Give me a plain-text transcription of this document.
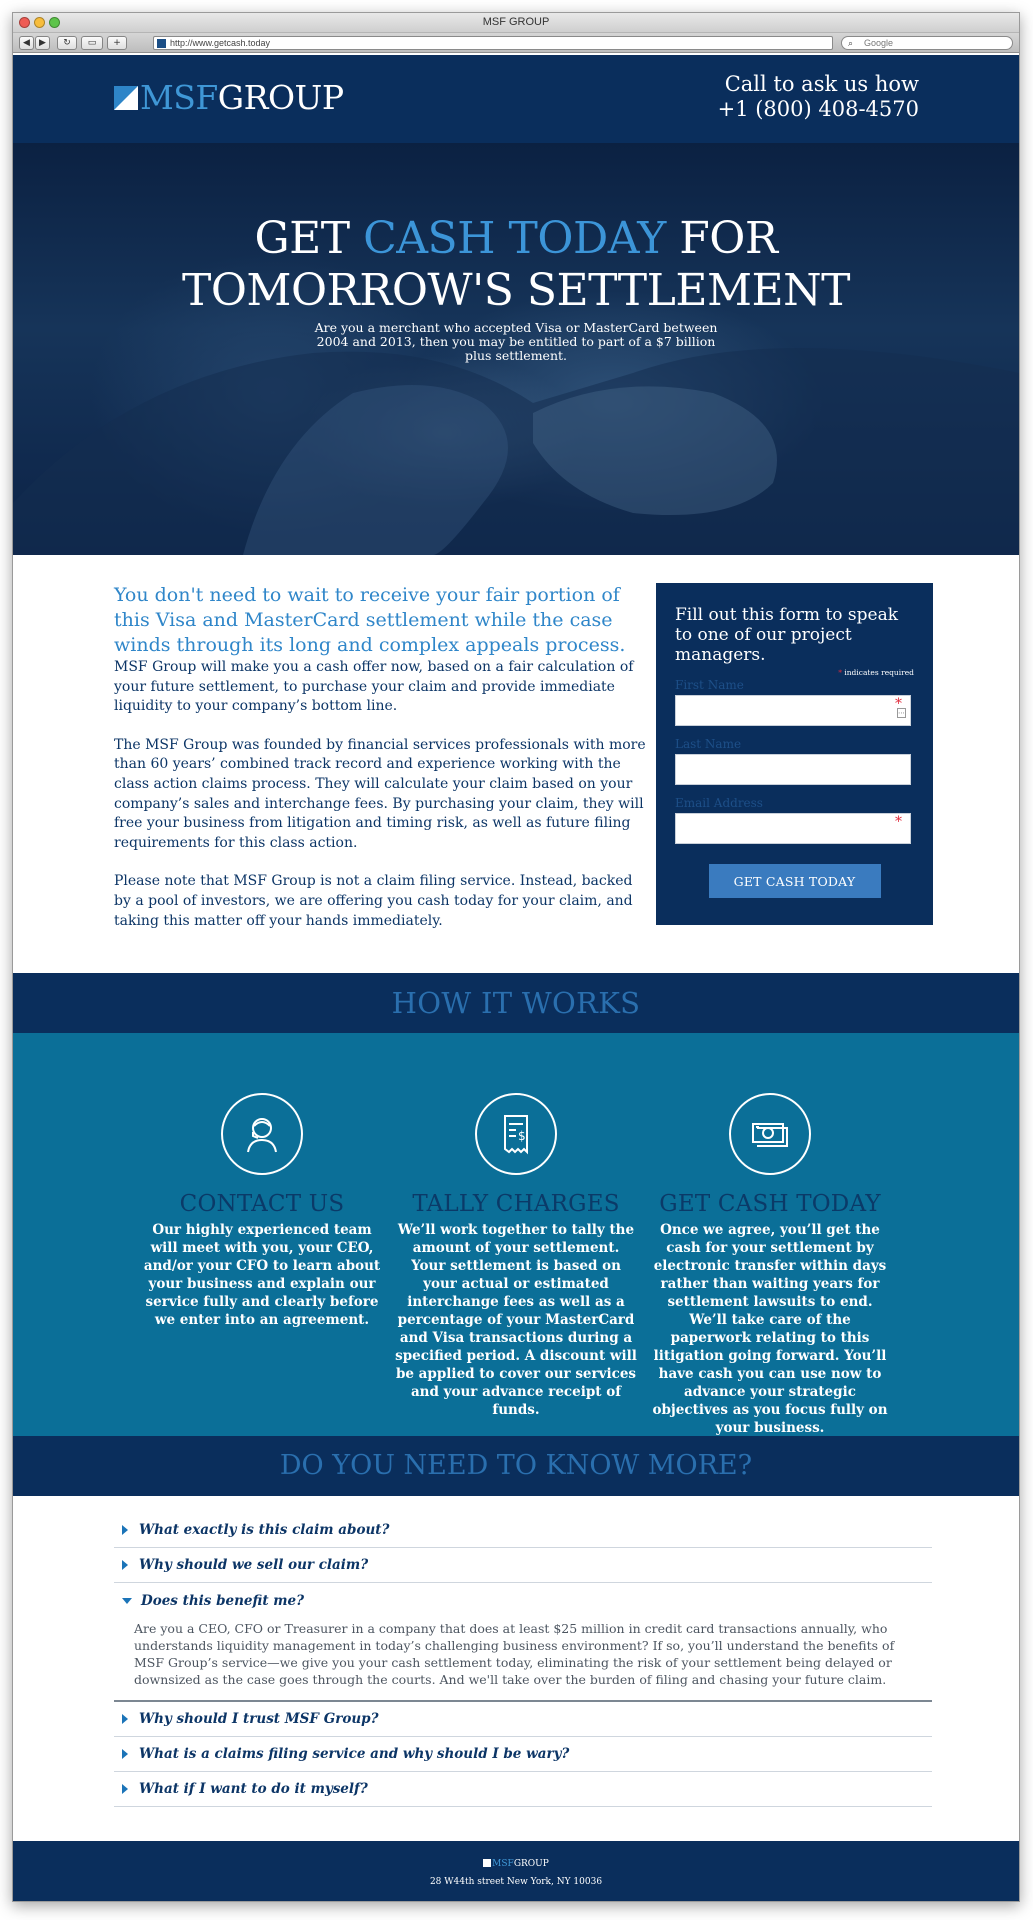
MSF GROUP
◀	▶	↻	▭	+	http://www.getcash.today	⌕ Google
MSFGROUP	Call to ask us how
+1 (800) 408-4570
GET CASH TODAY FOR
TOMORROW'S SETTLEMENT

Are you a merchant who accepted Visa or MasterCard between 2004 and 2013, then you may be entitled to part of a $7 billion plus settlement.

You don't need to wait to receive your fair portion of this Visa and MasterCard settlement while the case winds through its long and complex appeals process. MSF Group will make you a cash offer now, based on a fair calculation of your future settlement, to purchase your claim and provide immediate liquidity to your company’s bottom line.

The MSF Group was founded by financial services professionals with more than 60 years’ combined track record and experience working with the class action claims process. They will calculate your claim based on your company’s sales and interchange fees. By purchasing your claim, they will free your business from litigation and timing risk, as well as future filing requirements for this class action.

Please note that MSF Group is not a claim filing service. Instead, backed by a pool of investors, we are offering you cash today for your claim, and taking this matter off your hands immediately.

Fill out this form to speak to one of our project managers.
* indicates required
First Name
*
⋯
Last Name
Email Address
*
GET CASH TODAY
HOW IT WORKS
CONTACT US

Our highly experienced team will meet with you, your CEO, and/or your CFO to learn about your business and explain our service fully and clearly before we enter into an agreement.

$
TALLY CHARGES

We’ll work together to tally the amount of your settlement. Your settlement is based on your actual or estimated interchange fees as well as a percentage of your MasterCard and Visa transactions during a specified period. A discount will be applied to cover our services and your advance receipt of funds.

GET CASH TODAY

Once we agree, you’ll get the cash for your settlement by electronic transfer within days rather than waiting years for settlement lawsuits to end. We’ll take care of the paperwork relating to this litigation going forward. You’ll have cash you can use now to advance your strategic objectives as you focus fully on your business.

DO YOU NEED TO KNOW MORE?
What exactly is this claim about?
Why should we sell our claim?
Does this benefit me?
Are you a CEO, CFO or Treasurer in a company that does at least $25 million in credit card transactions annually, who understands liquidity management in today’s challenging business environment? If so, you’ll understand the benefits of MSF Group’s service—we give you your cash settlement today, eliminating the risk of your settlement being delayed or downsized as the case goes through the courts. And we'll take over the burden of filing and chasing your future claim.
Why should I trust MSF Group?
What is a claims filing service and why should I be wary?
What if I want to do it myself?
MSFGROUP
28 W44th street New York, NY 10036
